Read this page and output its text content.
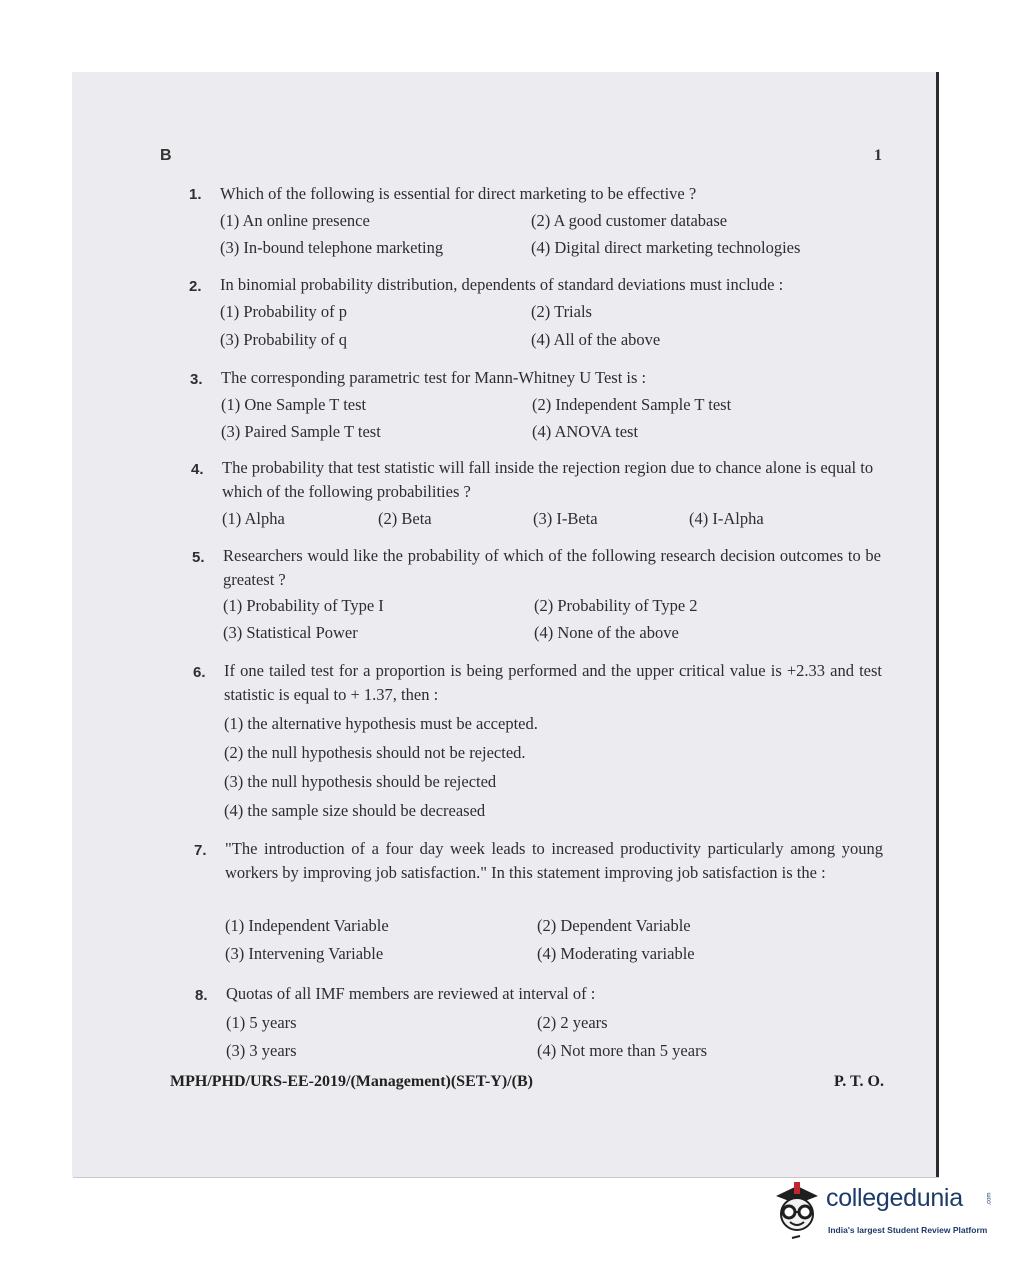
B	1
1. Which of the following is essential for direct marketing to be effective ?
(1) An online presence	(2) A good customer database
(3) In-bound telephone marketing	(4) Digital direct marketing technologies
2. In binomial probability distribution, dependents of standard deviations must include :
(1) Probability of p	(2) Trials
(3) Probability of q	(4) All of the above
3. The corresponding parametric test for Mann-Whitney U Test is :
(1) One Sample T test	(2) Independent Sample T test
(3) Paired Sample T test	(4) ANOVA test
4. The probability that test statistic will fall inside the rejection region due to chance alone is equal to which of the following probabilities ?
(1) Alpha	(2) Beta	(3) I-Beta	(4) I-Alpha
5. Researchers would like the probability of which of the following research decision outcomes to be greatest ?
(1) Probability of Type I	(2) Probability of Type 2
(3) Statistical Power	(4) None of the above
6. If one tailed test for a proportion is being performed and the upper critical value is +2.33 and test statistic is equal to + 1.37, then :
(1) the alternative hypothesis must be accepted.
(2) the null hypothesis should not be rejected.
(3) the null hypothesis should be rejected
(4) the sample size should be decreased
7. "The introduction of a four day week leads to increased productivity particularly among young workers by improving job satisfaction." In this statement improving job satisfaction is the :
(1) Independent Variable	(2) Dependent Variable
(3) Intervening Variable	(4) Moderating variable
8. Quotas of all IMF members are reviewed at interval of :
(1) 5 years	(2) 2 years
(3) 3 years	(4) Not more than 5 years
MPH/PHD/URS-EE-2019/(Management)(SET-Y)/(B)	P. T. O.
collegedunia	.com
India's largest Student Review Platform
